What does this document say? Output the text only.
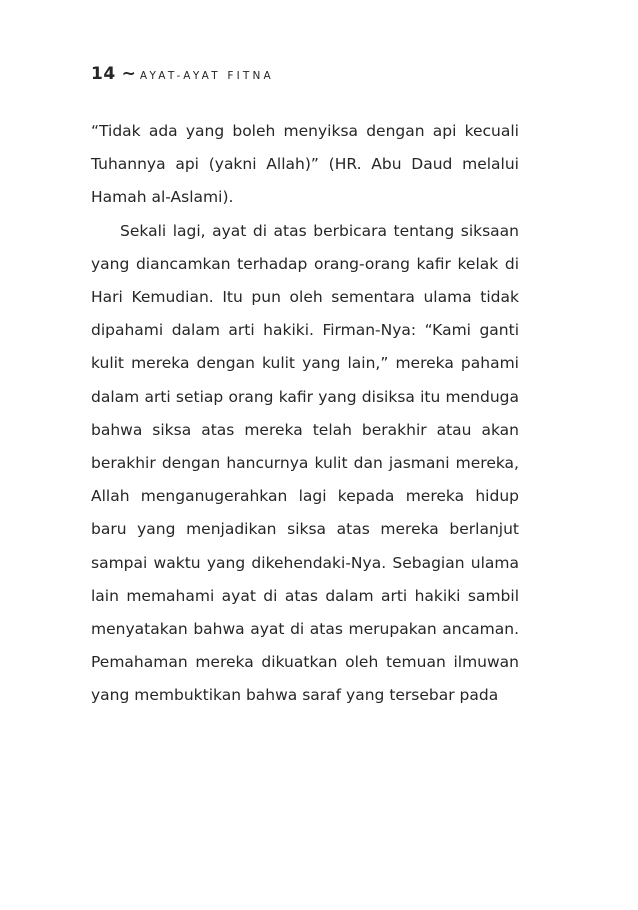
14 ~ AYAT-AYAT FITNA

“Tidak ada yang boleh menyiksa dengan api kecuali Tuhannya api (yakni Allah)” (HR. Abu Daud melalui Hamah al-Aslami).

Sekali lagi, ayat di atas berbicara tentang siksaan yang diancamkan terhadap orang-orang kafir kelak di Hari Kemudian. Itu pun oleh sementara ulama tidak dipahami dalam arti hakiki. Firman-Nya: “Kami ganti kulit mereka dengan kulit yang lain,” mereka pahami dalam arti setiap orang kafir yang disiksa itu menduga bahwa siksa atas mereka telah berakhir atau akan berakhir dengan hancurnya kulit dan jasmani mereka, Allah menganugerahkan lagi kepada mereka hidup baru yang menjadikan siksa atas mereka berlanjut sampai waktu yang dikehendaki-Nya. Sebagian ulama lain memahami ayat di atas dalam arti hakiki sambil menyatakan bahwa ayat di atas merupakan ancaman. Pemahaman mereka dikuatkan oleh temuan ilmuwan yang membuktikan bahwa saraf yang tersebar pada
